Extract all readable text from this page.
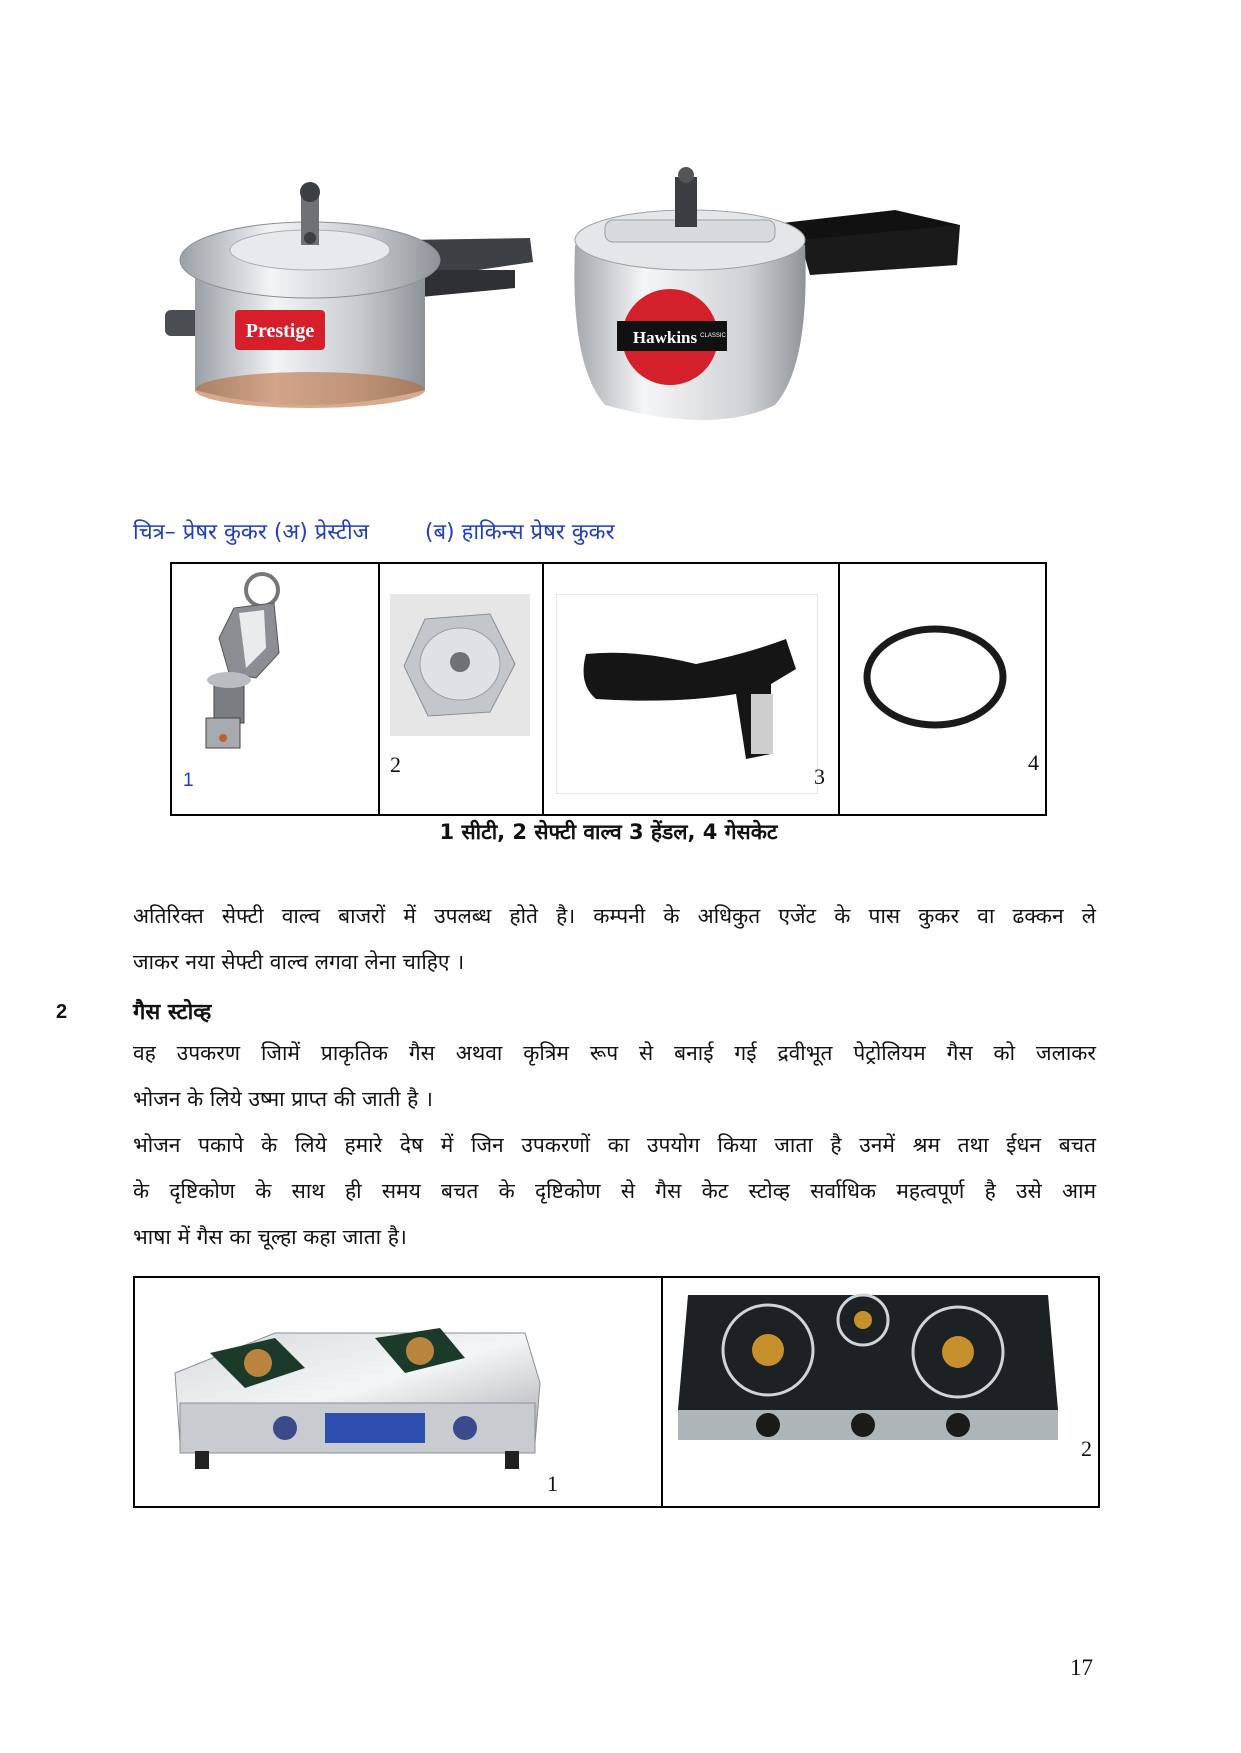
Prestige	Hawkins CLASSIC
चित्र– प्रेषर कुकर (अ) प्रेस्टीज        (ब) हाकिन्स प्रेषर कुकर
1

2	3

4
1 सीटी, 2 सेफ्टी वाल्व 3 हेंडल, 4 गेसकेट
अतिरिक्त सेफ्टी वाल्व बाजरों में उपलब्ध होते है। कम्पनी के अधिकुत एजेंट के पास कुकर वा ढक्कन ले
जाकर नया सेफ्टी वाल्व लगवा लेना चाहिए ।
2	गैस स्टोव्ह
वह उपकरण जिामें प्राकृतिक गैस अथवा कृत्रिम रूप से बनाई गई द्रवीभूत पेट्रोलियम गैस को जलाकर
भोजन के लिये उष्मा प्राप्त की जाती है ।
भोजन पकापे के लिये हमारे देष में जिन उपकरणों का उपयोग किया जाता है उनमें श्रम तथा ईधन बचत
के दृष्टिकोण के साथ ही समय बचत के दृष्टिकोण से गैस केट स्टोव्ह सर्वाधिक महत्वपूर्ण है उसे आम
भाषा में गैस का चूल्हा कहा जाता है।
1

2
17
